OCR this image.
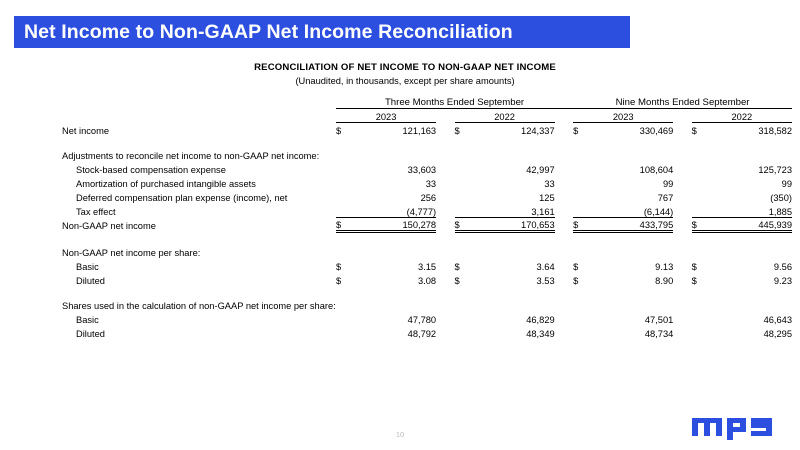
Net Income to Non-GAAP Net Income Reconciliation
RECONCILIATION OF NET INCOME TO NON-GAAP NET INCOME
(Unaudited, in thousands, except per share amounts)
	Three Months Ended September						Nine Months Ended September				
	2023			2022			2023			2022	
Net income	$	121,163		$	124,337		$	330,469		$	318,582

Adjustments to reconcile net income to non-GAAP net income:											
Stock-based compensation expense		33,603			42,997			108,604			125,723
Amortization of purchased intangible assets		33			33			99			99
Deferred compensation plan expense (income), net		256			125			767			(350)
Tax effect		(4,777)			3,161			(6,144)			1,885
Non-GAAP net income	$	150,278		$	170,653		$	433,795		$	445,939

Non-GAAP net income per share:											
Basic	$	3.15		$	3.64		$	9.13		$	9.56
Diluted	$	3.08		$	3.53		$	8.90		$	9.23

Shares used in the calculation of non-GAAP net income per share:											
Basic		47,780			46,829			47,501			46,643
Diluted		48,792			48,349			48,734			48,295
10
